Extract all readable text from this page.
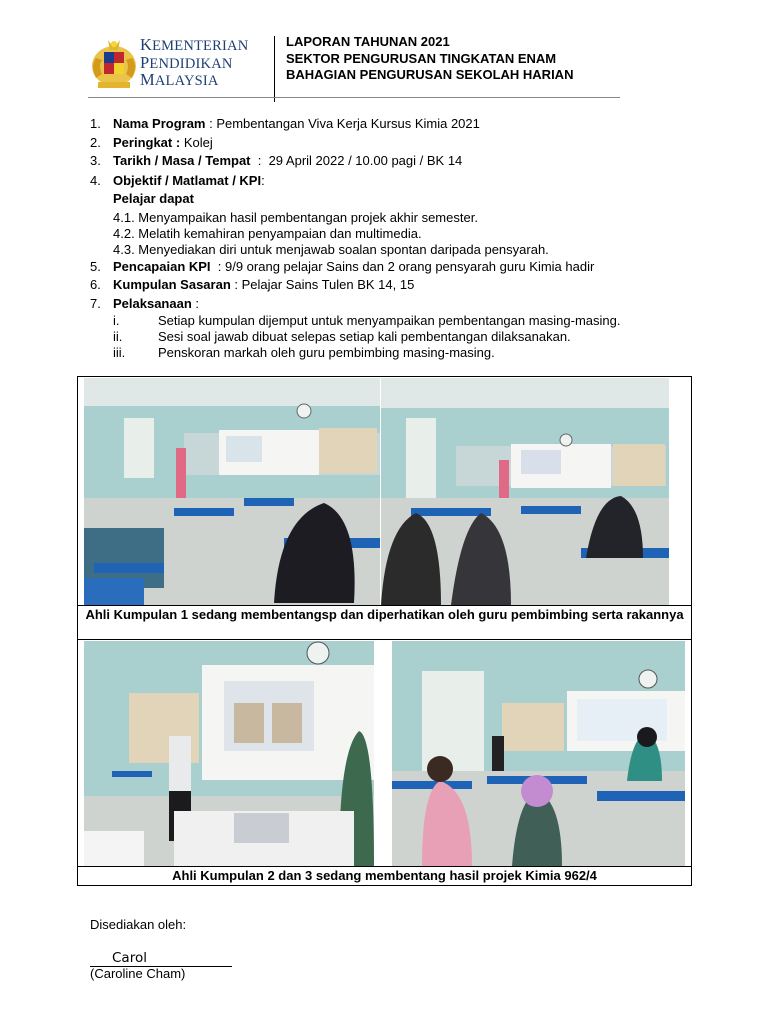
KEMENTERIAN
PENDIDIKAN
MALAYSIA
LAPORAN TAHUNAN 2021
SEKTOR PENGURUSAN TINGKATAN ENAM
BAHAGIAN PENGURUSAN SEKOLAH HARIAN
1. Nama Program : Pembentangan Viva Kerja Kursus Kimia 2021
2. Peringkat : Kolej
3. Tarikh / Masa / Tempat  :  29 April 2022 / 10.00 pagi / BK 14
4. Objektif / Matlamat / KPI:
Pelajar dapat
4.1. Menyampaikan hasil pembentangan projek akhir semester.
4.2. Melatih kemahiran penyampaian dan multimedia.
4.3. Menyediakan diri untuk menjawab soalan spontan daripada pensyarah.
5. Pencapaian KPI  : 9/9 orang pelajar Sains dan 2 orang pensyarah guru Kimia hadir
6. Kumpulan Sasaran : Pelajar Sains Tulen BK 14, 15
7. Pelaksanaan :
i.	Setiap kumpulan dijemput untuk menyampaikan pembentangan masing-masing.
ii.	Sesi soal jawab dibuat selepas setiap kali pembentangan dilaksanakan.
iii.	Penskoran markah oleh guru pembimbing masing-masing.
Ahli Kumpulan 1 sedang membentangsp dan diperhatikan oleh guru pembimbing serta rakannya
Ahli Kumpulan 2 dan 3 sedang membentang hasil projek Kimia 962/4
Disediakan oleh:
Carol
(Caroline Cham)
